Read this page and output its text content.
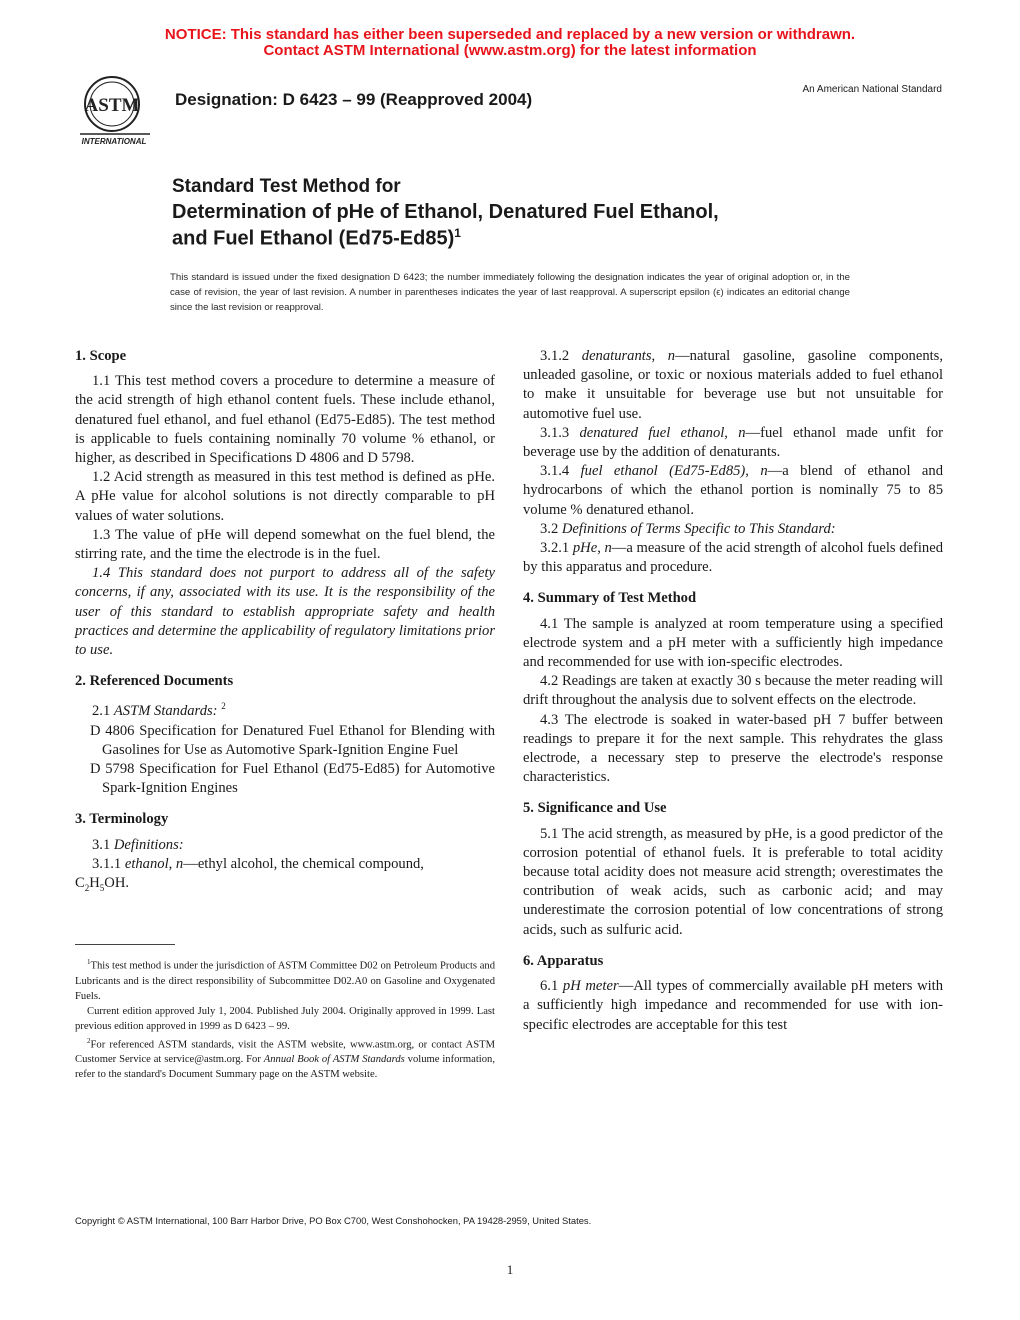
NOTICE: This standard has either been superseded and replaced by a new version or withdrawn.
Contact ASTM International (www.astm.org) for the latest information
ASTM
INTERNATIONAL
Designation: D 6423 – 99 (Reapproved 2004)
An American National Standard
Standard Test Method for
Determination of pHe of Ethanol, Denatured Fuel Ethanol,
and Fuel Ethanol $(Ed75-Ed85)^1$
This standard is issued under the fixed designation D 6423; the number immediately following the designation indicates the year of original adoption or, in the case of revision, the year of last revision. A number in parentheses indicates the year of last reapproval. A superscript epsilon (ϵ) indicates an editorial change since the last revision or reapproval.
1. Scope

1.1 This test method covers a procedure to determine a measure of the acid strength of high ethanol content fuels. These include ethanol, denatured fuel ethanol, and fuel ethanol (Ed75-Ed85). The test method is applicable to fuels containing nominally 70 volume % ethanol, or higher, as described in Specifications D 4806 and D 5798.

1.2 Acid strength as measured in this test method is defined as pHe. A pHe value for alcohol solutions is not directly comparable to pH values of water solutions.

1.3 The value of pHe will depend somewhat on the fuel blend, the stirring rate, and the time the electrode is in the fuel.

1.4 This standard does not purport to address all of the safety concerns, if any, associated with its use. It is the responsibility of the user of this standard to establish appropriate safety and health practices and determine the applicability of regulatory limitations prior to use.

2. Referenced Documents

2.1 ASTM Standards: $^2$

D 4806 Specification for Denatured Fuel Ethanol for Blending with Gasolines for Use as Automotive Spark-Ignition Engine Fuel

D 5798 Specification for Fuel Ethanol (Ed75-Ed85) for Automotive Spark-Ignition Engines

3. Terminology

3.1 Definitions:

3.1.1 ethanol, n—ethyl alcohol, the chemical compound,

$C_2H_5OH$.

$^1$This test method is under the jurisdiction of ASTM Committee D02 on Petroleum Products and Lubricants and is the direct responsibility of Subcommittee D02.A0 on Gasoline and Oxygenated Fuels.

Current edition approved July 1, 2004. Published July 2004. Originally approved in 1999. Last previous edition approved in 1999 as D 6423 – 99.

$^2$For referenced ASTM standards, visit the ASTM website, www.astm.org, or contact ASTM Customer Service at service@astm.org. For Annual Book of ASTM Standards volume information, refer to the standard's Document Summary page on the ASTM website.

3.1.2 denaturants, n—natural gasoline, gasoline components, unleaded gasoline, or toxic or noxious materials added to fuel ethanol to make it unsuitable for beverage use but not unsuitable for automotive fuel use.

3.1.3 denatured fuel ethanol, n—fuel ethanol made unfit for beverage use by the addition of denaturants.

3.1.4 fuel ethanol (Ed75-Ed85), n—a blend of ethanol and hydrocarbons of which the ethanol portion is nominally 75 to 85 volume % denatured ethanol.

3.2 Definitions of Terms Specific to This Standard:

3.2.1 pHe, n—a measure of the acid strength of alcohol fuels defined by this apparatus and procedure.

4. Summary of Test Method

4.1 The sample is analyzed at room temperature using a specified electrode system and a pH meter with a sufficiently high impedance and recommended for use with ion-specific electrodes.

4.2 Readings are taken at exactly 30 s because the meter reading will drift throughout the analysis due to solvent effects on the electrode.

4.3 The electrode is soaked in water-based pH 7 buffer between readings to prepare it for the next sample. This rehydrates the glass electrode, a necessary step to preserve the electrode's response characteristics.

5. Significance and Use

5.1 The acid strength, as measured by pHe, is a good predictor of the corrosion potential of ethanol fuels. It is preferable to total acidity because total acidity does not measure acid strength; overestimates the contribution of weak acids, such as carbonic acid; and may underestimate the corrosion potential of low concentrations of strong acids, such as sulfuric acid.

6. Apparatus

6.1 pH meter—All types of commercially available pH meters with a sufficiently high impedance and recommended for use with ion-specific electrodes are acceptable for this test

Copyright © ASTM International, 100 Barr Harbor Drive, PO Box C700, West Conshohocken, PA 19428-2959, United States.
1
